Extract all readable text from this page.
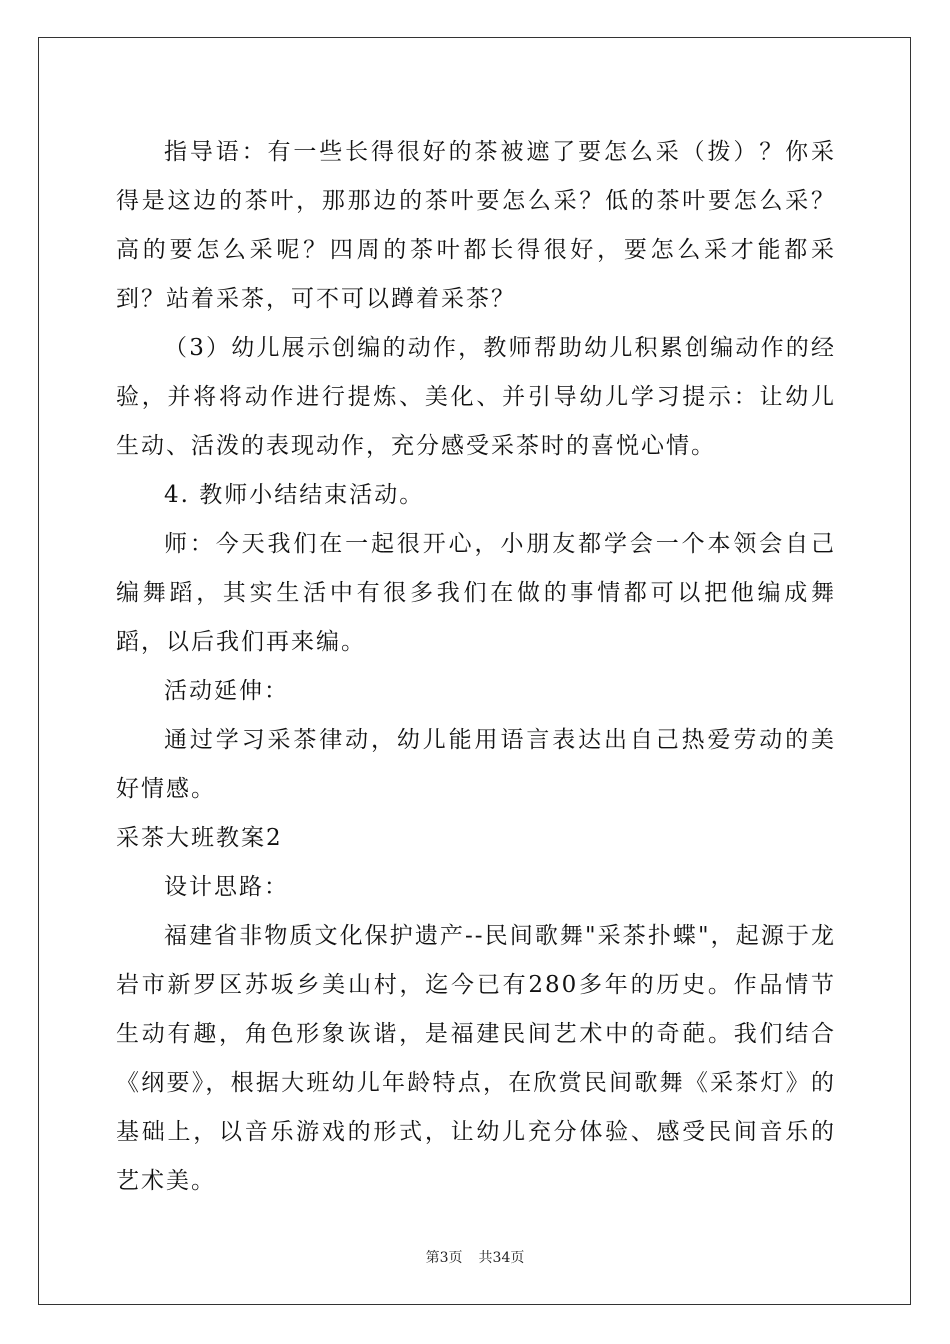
指导语：有一些长得很好的茶被遮了要怎么采（拨）？你采得是这边的茶叶，那那边的茶叶要怎么采？低的茶叶要怎么采？高的要怎么采呢？四周的茶叶都长得很好，要怎么采才能都采到？站着采茶，可不可以蹲着采茶？

（3）幼儿展示创编的动作，教师帮助幼儿积累创编动作的经验，并将将动作进行提炼、美化、并引导幼儿学习提示：让幼儿生动、活泼的表现动作，充分感受采茶时的喜悦心情。

4. 教师小结结束活动。

师：今天我们在一起很开心，小朋友都学会一个本领会自己编舞蹈，其实生活中有很多我们在做的事情都可以把他编成舞蹈，以后我们再来编。

活动延伸：

通过学习采茶律动，幼儿能用语言表达出自己热爱劳动的美好情感。

采茶大班教案2

设计思路：

福建省非物质文化保护遗产--民间歌舞"采茶扑蝶"，起源于龙岩市新罗区苏坂乡美山村，迄今已有280多年的历史。作品情节生动有趣，角色形象诙谐，是福建民间艺术中的奇葩。我们结合《纲要》，根据大班幼儿年龄特点，在欣赏民间歌舞《采茶灯》的基础上，以音乐游戏的形式，让幼儿充分体验、感受民间音乐的艺术美。

第3页 共34页
